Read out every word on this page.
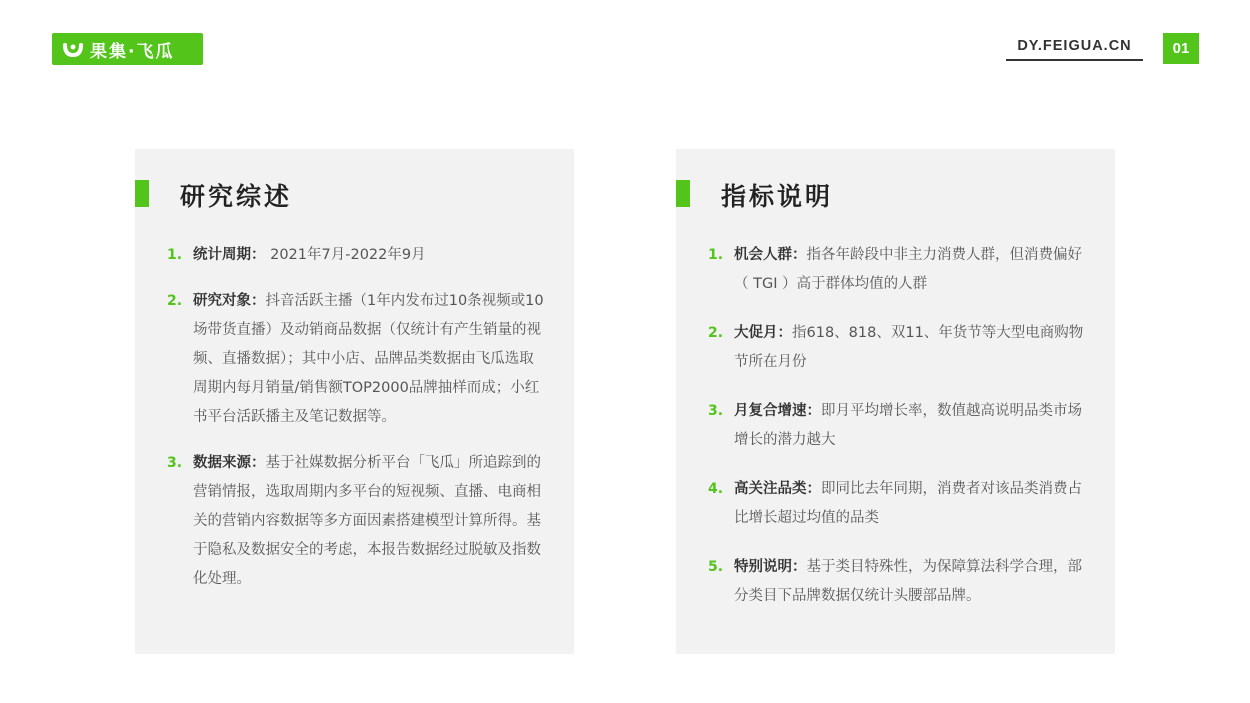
果集·飞瓜	DY.FEIGUA.CN	01
研究综述
1. 统计周期： 2021年7月-2022年9月
2. 研究对象：抖音活跃主播（1年内发布过10条视频或10场带货直播）及动销商品数据（仅统计有产生销量的视频、直播数据）；其中小店、品牌品类数据由飞瓜选取周期内每月销量/销售额TOP2000品牌抽样而成；小红书平台活跃播主及笔记数据等。
3. 数据来源：基于社媒数据分析平台「飞瓜」所追踪到的营销情报，选取周期内多平台的短视频、直播、电商相关的营销内容数据等多方面因素搭建模型计算所得。基于隐私及数据安全的考虑，本报告数据经过脱敏及指数化处理。
指标说明
1. 机会人群：指各年龄段中非主力消费人群，但消费偏好（ TGI ）高于群体均值的人群
2. 大促月：指618、818、双11、年货节等大型电商购物节所在月份
3. 月复合增速：即月平均增长率，数值越高说明品类市场增长的潜力越大
4. 高关注品类：即同比去年同期，消费者对该品类消费占比增长超过均值的品类
5. 特别说明：基于类目特殊性，为保障算法科学合理，部分类目下品牌数据仅统计头腰部品牌。
